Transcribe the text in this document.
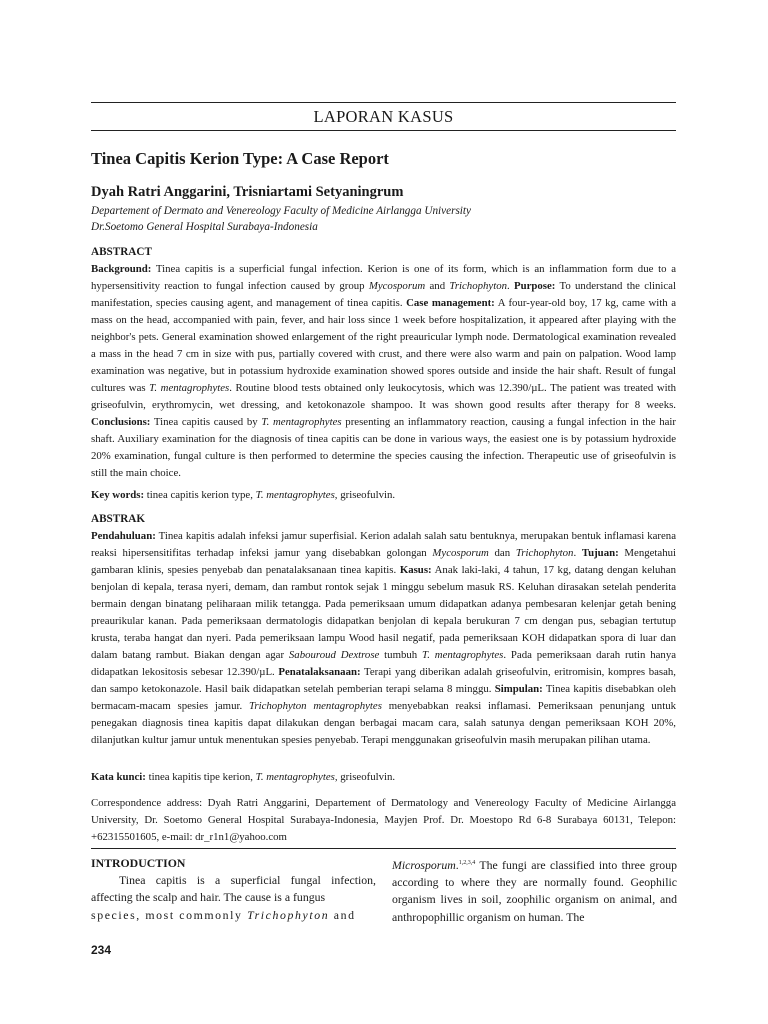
LAPORAN KASUS
Tinea Capitis Kerion Type: A Case Report
Dyah Ratri Anggarini, Trisniartami Setyaningrum
Departement of Dermato and Venereology Faculty of Medicine Airlangga University
Dr.Soetomo General Hospital Surabaya-Indonesia
ABSTRACT
Background: Tinea capitis is a superficial fungal infection. Kerion is one of its form, which is an inflammation form due to a hypersensitivity reaction to fungal infection caused by group Mycosporum and Trichophyton. Purpose: To understand the clinical manifestation, species causing agent, and management of tinea capitis. Case management: A four-year-old boy, 17 kg, came with a mass on the head, accompanied with pain, fever, and hair loss since 1 week before hospitalization, it appeared after playing with the neighbor's pets. General examination showed enlargement of the right preauricular lymph node. Dermatological examination revealed a mass in the head 7 cm in size with pus, partially covered with crust, and there were also warm and pain on palpation. Wood lamp examination was negative, but in potassium hydroxide examination showed spores outside and inside the hair shaft. Result of fungal cultures was T. mentagrophytes. Routine blood tests obtained only leukocytosis, which was 12.390/µL. The patient was treated with griseofulvin, erythromycin, wet dressing, and ketokonazole shampoo. It was shown good results after therapy for 8 weeks. Conclusions: Tinea capitis caused by T. mentagrophytes presenting an inflammatory reaction, causing a fungal infection in the hair shaft. Auxiliary examination for the diagnosis of tinea capitis can be done in various ways, the easiest one is by potassium hydroxide 20% examination, fungal culture is then performed to determine the species causing the infection. Therapeutic use of griseofulvin is still the main choice.
Key words: tinea capitis kerion type, T. mentagrophytes, griseofulvin.
ABSTRAK
Pendahuluan: Tinea kapitis adalah infeksi jamur superfisial. Kerion adalah salah satu bentuknya, merupakan bentuk inflamasi karena reaksi hipersensitifitas terhadap infeksi jamur yang disebabkan golongan Mycosporum dan Trichophyton. Tujuan: Mengetahui gambaran klinis, spesies penyebab dan penatalaksanaan tinea kapitis. Kasus: Anak laki-laki, 4 tahun, 17 kg, datang dengan keluhan benjolan di kepala, terasa nyeri, demam, dan rambut rontok sejak 1 minggu sebelum masuk RS. Keluhan dirasakan setelah penderita bermain dengan binatang peliharaan milik tetangga. Pada pemeriksaan umum didapatkan adanya pembesaran kelenjar getah bening preaurikular kanan. Pada pemeriksaan dermatologis didapatkan benjolan di kepala berukuran 7 cm dengan pus, sebagian tertutup krusta, teraba hangat dan nyeri. Pada pemeriksaan lampu Wood hasil negatif, pada pemeriksaan KOH didapatkan spora di luar dan dalam batang rambut. Biakan dengan agar Sabouroud Dextrose tumbuh T. mentagrophytes. Pada pemeriksaan darah rutin hanya didapatkan lekositosis sebesar 12.390/µL. Penatalaksanaan: Terapi yang diberikan adalah griseofulvin, eritromisin, kompres basah, dan sampo ketokonazole. Hasil baik didapatkan setelah pemberian terapi selama 8 minggu. Simpulan: Tinea kapitis disebabkan oleh bermacam-macam spesies jamur. Trichophyton mentagrophytes menyebabkan reaksi inflamasi. Pemeriksaan penunjang untuk penegakan diagnosis tinea kapitis dapat dilakukan dengan berbagai macam cara, salah satunya dengan pemeriksaan KOH 20%, dilanjutkan kultur jamur untuk menentukan spesies penyebab. Terapi menggunakan griseofulvin masih merupakan pilihan utama.
Kata kunci: tinea kapitis tipe kerion, T. mentagrophytes, griseofulvin.
Correspondence address: Dyah Ratri Anggarini, Departement of Dermatology and Venereology Faculty of Medicine Airlangga University, Dr. Soetomo General Hospital Surabaya-Indonesia, Mayjen Prof. Dr. Moestopo Rd 6-8 Surabaya 60131, Telepon: +62315501605, e-mail: dr_r1n1@yahoo.com
INTRODUCTION
Tinea capitis is a superficial fungal infection, affecting the scalp and hair. The cause is a fungus
species, most commonly Trichophyton and
Microsporum.$^{1,2,3,4}$ The fungi are classified into three group according to where they are normally found. Geophilic organism lives in soil, zoophilic organism on animal, and anthropophillic organism on human. The
234
